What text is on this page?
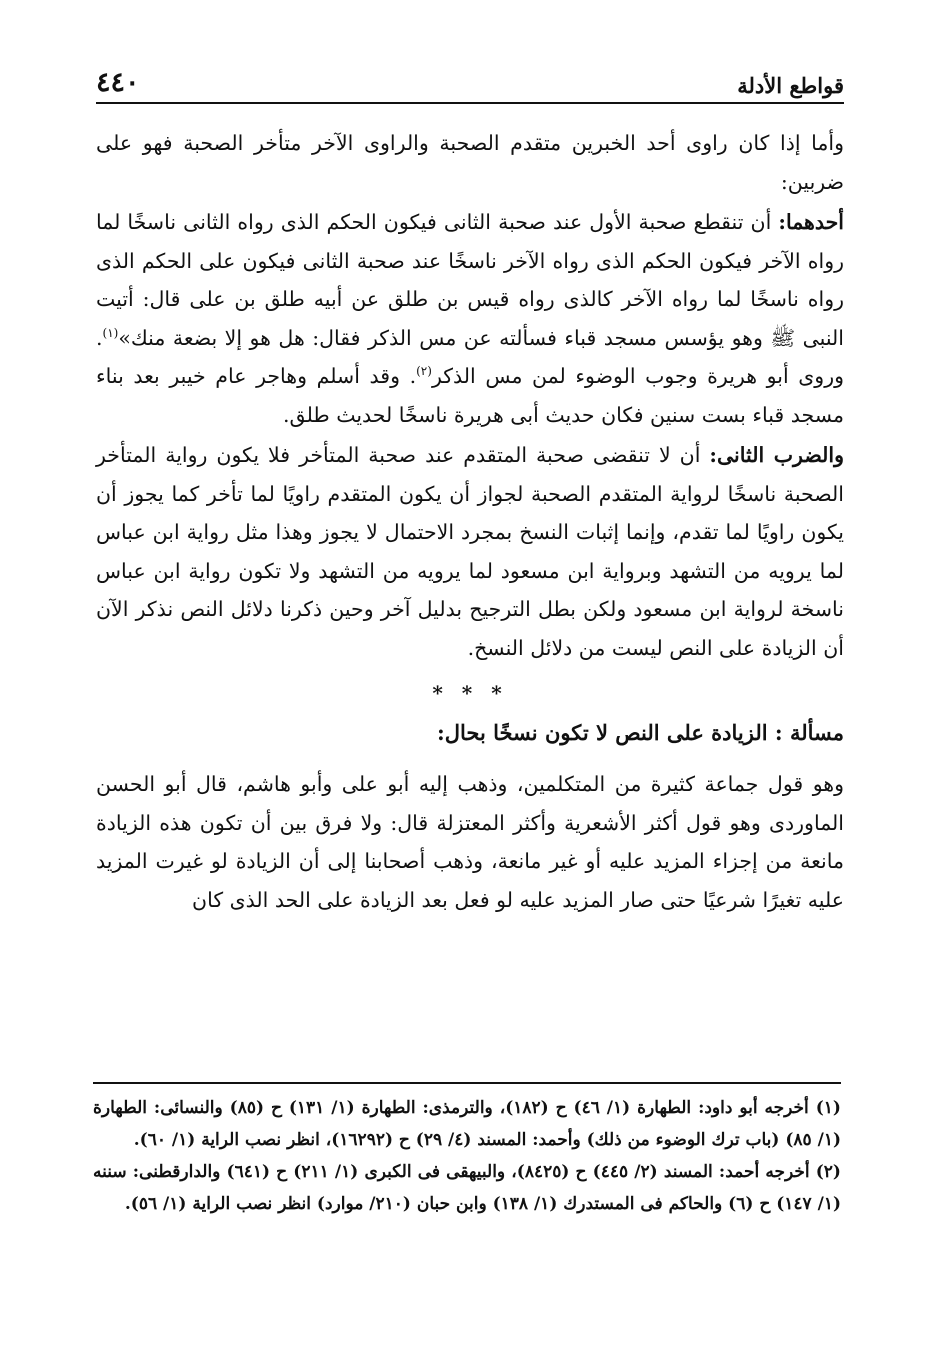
قواطع الأدلة
٤٤٠

وأما إذا كان راوى أحد الخبرين متقدم الصحبة والراوى الآخر متأخر الصحبة فهو على ضربين:

أحدهما: أن تنقطع صحبة الأول عند صحبة الثانى فيكون الحكم الذى رواه الثانى ناسخًا لما رواه الآخر فيكون الحكم الذى رواه الآخر ناسخًا عند صحبة الثانى فيكون على الحكم الذى رواه ناسخًا لما رواه الآخر كالذى رواه قيس بن طلق عن أبيه طلق بن على قال: أتيت النبى ﷺ وهو يؤسس مسجد قباء فسألته عن مس الذكر فقال: هل هو إلا بضعة منك»$^{(١)}$. وروى أبو هريرة وجوب الوضوء لمن مس الذكر$^{(٢)}$. وقد أسلم وهاجر عام خيبر بعد بناء مسجد قباء بست سنين فكان حديث أبى هريرة ناسخًا لحديث طلق.

والضرب الثانى: أن لا تنقضى صحبة المتقدم عند صحبة المتأخر فلا يكون رواية المتأخر الصحبة ناسخًا لرواية المتقدم الصحبة لجواز أن يكون المتقدم راويًا لما تأخر كما يجوز أن يكون راويًا لما تقدم، وإنما إثبات النسخ بمجرد الاحتمال لا يجوز وهذا مثل رواية ابن عباس لما يرويه من التشهد وبرواية ابن مسعود لما يرويه من التشهد ولا تكون رواية ابن عباس ناسخة لرواية ابن مسعود ولكن بطل الترجيح بدليل آخر وحين ذكرنا دلائل النص نذكر الآن أن الزيادة على النص ليست من دلائل النسخ.

* * *
مسألة : الزيادة على النص لا تكون نسخًا بحال:

وهو قول جماعة كثيرة من المتكلمين، وذهب إليه أبو على وأبو هاشم، قال أبو الحسن الماوردى وهو قول أكثر الأشعرية وأكثر المعتزلة قال: ولا فرق بين أن تكون هذه الزيادة مانعة من إجزاء المزيد عليه أو غير مانعة، وذهب أصحابنا إلى أن الزيادة لو غيرت المزيد عليه تغيرًا شرعيًا حتى صار المزيد عليه لو فعل بعد الزيادة على الحد الذى كان

(١) أخرجه أبو داود: الطهارة (١/ ٤٦) ح (١٨٢)، والترمذى: الطهارة (١/ ١٣١) ح (٨٥) والنسائى: الطهارة (١/ ٨٥) (باب ترك الوضوء من ذلك) وأحمد: المسند (٤/ ٢٩) ح (١٦٢٩٢)، انظر نصب الراية (١/ ٦٠).

(٢) أخرجه أحمد: المسند (٢/ ٤٤٥) ح (٨٤٢٥)، والبيهقى فى الكبرى (١/ ٢١١) ح (٦٤١) والدارقطنى: سننه (١/ ١٤٧) ح (٦) والحاكم فى المستدرك (١/ ١٣٨) وابن حبان (٢١٠/ موارد) انظر نصب الراية (١/ ٥٦).
